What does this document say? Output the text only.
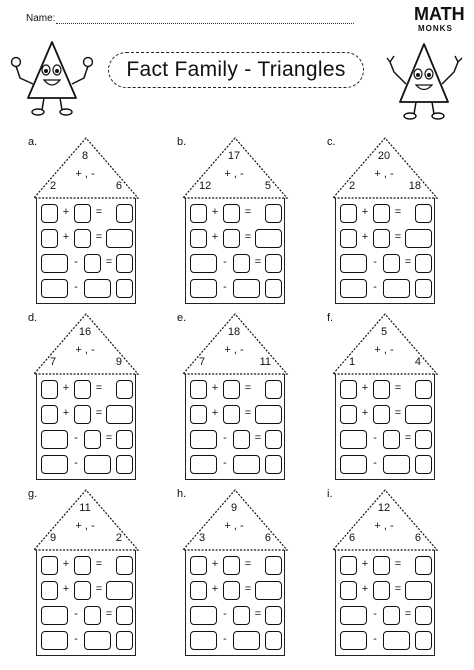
Name:	MATH
MONKS
Fact Family - Triangles
a.
8
+ , -
2	6
+ =
+ =
-	=
-
b.
17
+ , -
12	5
+ =
+ =
-	=
-
c.
20
+ , -
2	18
+ =
+ =
-	=
-
d.
16
+ , -
7	9
+ =
+ =
-	=
-
e.
18
+ , -
7	11
+ =
+ =
-	=
-
f.
5
+ , -
1	4
+ =
+ =
-	=
-
g.
11
+ , -
9	2
+ =
+ =
-	=
-
h.
9
+ , -
3	6
+ =
+ =
-	=
-
i.
12
+ , -
6	6
+ =
+ =
-	=
-
